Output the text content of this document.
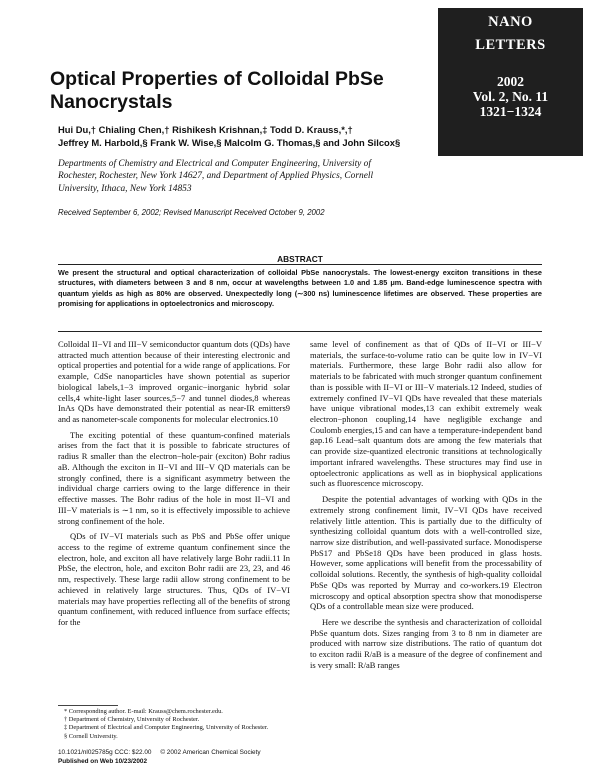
NANO
LETTERS
2002
Vol. 2, No. 11
1321−1324
Optical Properties of Colloidal PbSe Nanocrystals
Hui Du,† Chialing Chen,† Rishikesh Krishnan,‡ Todd D. Krauss,*,†
Jeffrey M. Harbold,§ Frank W. Wise,§ Malcolm G. Thomas,§ and John Silcox§
Departments of Chemistry and Electrical and Computer Engineering, University of Rochester, Rochester, New York 14627, and Department of Applied Physics, Cornell University, Ithaca, New York 14853
Received September 6, 2002; Revised Manuscript Received October 9, 2002
ABSTRACT
We present the structural and optical characterization of colloidal PbSe nanocrystals. The lowest-energy exciton transitions in these structures, with diameters between 3 and 8 nm, occur at wavelengths between 1.0 and 1.85 μm. Band-edge luminescence spectra with quantum yields as high as 80% are observed. Unexpectedly long (∼300 ns) luminescence lifetimes are observed. These properties are promising for applications in optoelectronics and microscopy.

Colloidal II−VI and III−V semiconductor quantum dots (QDs) have attracted much attention because of their interesting electronic and optical properties and potential for a wide range of applications. For example, CdSe nanoparticles have shown potential as superior biological labels,1−3 improved organic−inorganic hybrid solar cells,4 white-light laser sources,5−7 and tunnel diodes,8 whereas InAs QDs have demonstrated their potential as near-IR emitters9 and as nanometer-scale components for molecular electronics.10

The exciting potential of these quantum-confined materials arises from the fact that it is possible to fabricate structures of radius R smaller than the electron−hole-pair (exciton) Bohr radius aB. Although the exciton in II−VI and III−V QD materials can be strongly confined, there is a significant asymmetry between the individual charge carriers owing to the large difference in their effective masses. The Bohr radius of the hole in most II−VI and III−V materials is ∼1 nm, so it is effectively impossible to achieve strong confinement of the hole.

QDs of IV−VI materials such as PbS and PbSe offer unique access to the regime of extreme quantum confinement since the electron, hole, and exciton all have relatively large Bohr radii.11 In PbSe, the electron, hole, and exciton Bohr radii are 23, 23, and 46 nm, respectively. These large radii allow strong confinement to be achieved in relatively large structures. Thus, QDs of IV−VI materials may have properties reflecting all of the benefits of strong quantum confinement, with reduced influence from surface effects; for the

same level of confinement as that of QDs of II−VI or III−V materials, the surface-to-volume ratio can be quite low in IV−VI materials. Furthermore, these large Bohr radii also allow for materials to be fabricated with much stronger quantum confinement than is possible with II−VI or III−V materials.12 Indeed, studies of extremely confined IV−VI QDs have revealed that these materials have unique vibrational modes,13 can exhibit extremely weak electron−phonon coupling,14 have negligible exchange and Coulomb energies,15 and can have a temperature-independent band gap.16 Lead−salt quantum dots are among the few materials that can provide size-quantized electronic transitions at technologically important infrared wavelengths. These structures may find use in optoelectronic applications as well as in biophysical applications such as fluorescence microscopy.

Despite the potential advantages of working with QDs in the extremely strong confinement limit, IV−VI QDs have received relatively little attention. This is partially due to the difficulty of synthesizing colloidal quantum dots with a well-controlled size, narrow size distribution, and well-passivated surface. Monodisperse PbS17 and PbSe18 QDs have been produced in glass hosts. However, some applications will benefit from the processability of colloidal solutions. Recently, the synthesis of high-quality colloidal PbSe QDs was reported by Murray and co-workers.19 Electron microscopy and optical absorption spectra show that monodisperse QDs of a controllable mean size were produced.

Here we describe the synthesis and characterization of colloidal PbSe quantum dots. Sizes ranging from 3 to 8 nm in diameter are produced with narrow size distributions. The ratio of quantum dot to exciton radii R/aB is a measure of the degree of confinement and is very small: R/aB ranges

* Corresponding author. E-mail: Krauss@chem.rochester.edu.
† Department of Chemistry, University of Rochester.
‡ Department of Electrical and Computer Engineering, University of Rochester.
§ Cornell University.
10.1021/nl025785g CCC: $22.00     © 2002 American Chemical Society
Published on Web 10/23/2002
